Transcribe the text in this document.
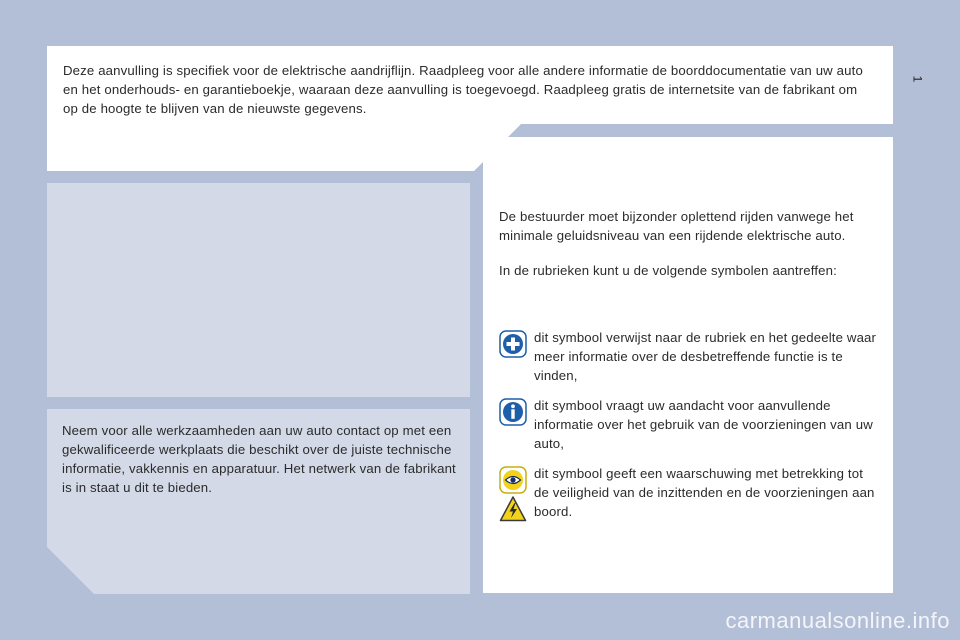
1
Deze aanvulling is specifiek voor de elektrische aandrijflijn. Raadpleeg voor alle andere informatie de boorddocumentatie van uw auto en het onderhouds- en garantieboekje, waaraan deze aanvulling is toegevoegd. Raadpleeg gratis de internetsite van de fabrikant om op de hoogte te blijven van de nieuwste gegevens.
Neem voor alle werkzaamheden aan uw auto contact op met een gekwalificeerde werkplaats die beschikt over de juiste technische informatie, vakkennis en apparatuur. Het netwerk van de fabrikant is in staat u dit te bieden.
De bestuurder moet bijzonder oplettend rijden vanwege het minimale geluidsniveau van een rijdende elektrische auto.
In de rubrieken kunt u de volgende symbolen aantreffen:
dit symbool verwijst naar de rubriek en het gedeelte waar meer informatie over de desbetreffende functie is te vinden,
dit symbool vraagt uw aandacht voor aanvullende informatie over het gebruik van de voorzieningen van uw auto,
dit symbool geeft een waarschuwing met betrekking tot de veiligheid van de inzittenden en de voorzieningen aan boord.
carmanualsonline.info
